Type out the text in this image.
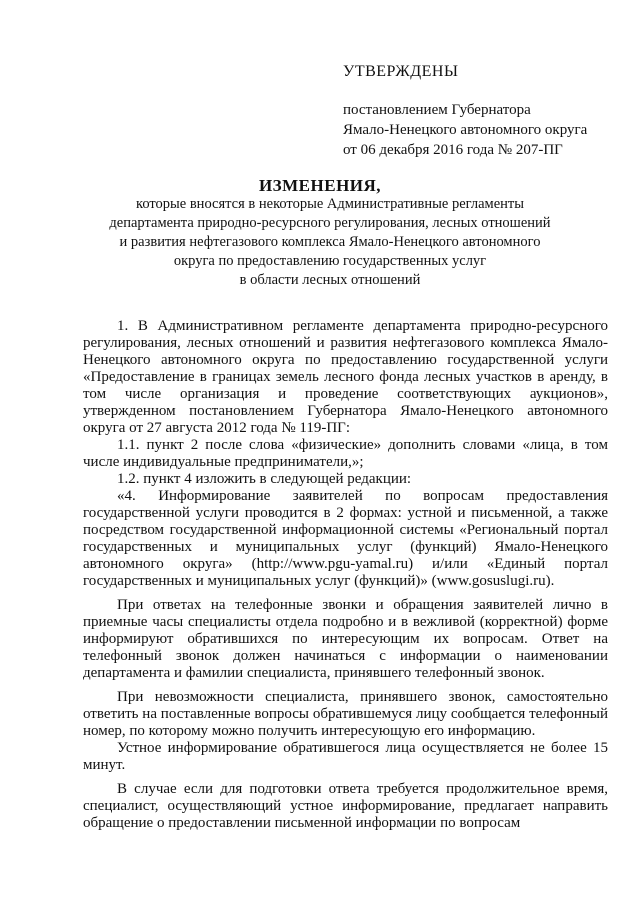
УТВЕРЖДЕНЫ
постановлением Губернатора
Ямало-Ненецкого автономного округа
от 06 декабря 2016 года № 207-ПГ
ИЗМЕНЕНИЯ,
которые вносятся в некоторые Административные регламенты
департамента природно-ресурсного регулирования, лесных отношений
и развития нефтегазового комплекса Ямало-Ненецкого автономного
округа по предоставлению государственных услуг
в области лесных отношений

1. В Административном регламенте департамента природно-ресурсного регулирования, лесных отношений и развития нефтегазового комплекса Ямало-Ненецкого автономного округа по предоставлению государственной услуги «Предоставление в границах земель лесного фонда лесных участков в аренду, в том числе организация и проведение соответствующих аукционов», утвержденном постановлением Губернатора Ямало-Ненецкого автономного округа от 27 августа 2012 года № 119-ПГ:

1.1. пункт 2 после слова «физические» дополнить словами «лица, в том числе индивидуальные предприниматели,»;

1.2. пункт 4 изложить в следующей редакции:

«4. Информирование заявителей по вопросам предоставления государственной услуги проводится в 2 формах: устной и письменной, а также посредством государственной информационной системы «Региональный портал государственных и муниципальных услуг (функций) Ямало-Ненецкого автономного округа» (http://www.pgu-yamal.ru) и/или «Единый портал государственных и муниципальных услуг (функций)» (www.gosuslugi.ru).

При ответах на телефонные звонки и обращения заявителей лично в приемные часы специалисты отдела подробно и в вежливой (корректной) форме информируют обратившихся по интересующим их вопросам. Ответ на телефонный звонок должен начинаться с информации о наименовании департамента и фамилии специалиста, принявшего телефонный звонок.

При невозможности специалиста, принявшего звонок, самостоятельно ответить на поставленные вопросы обратившемуся лицу сообщается телефонный номер, по которому можно получить интересующую его информацию.

Устное информирование обратившегося лица осуществляется не более 15 минут.

В случае если для подготовки ответа требуется продолжительное время, специалист, осуществляющий устное информирование, предлагает направить обращение о предоставлении письменной информации по вопросам
